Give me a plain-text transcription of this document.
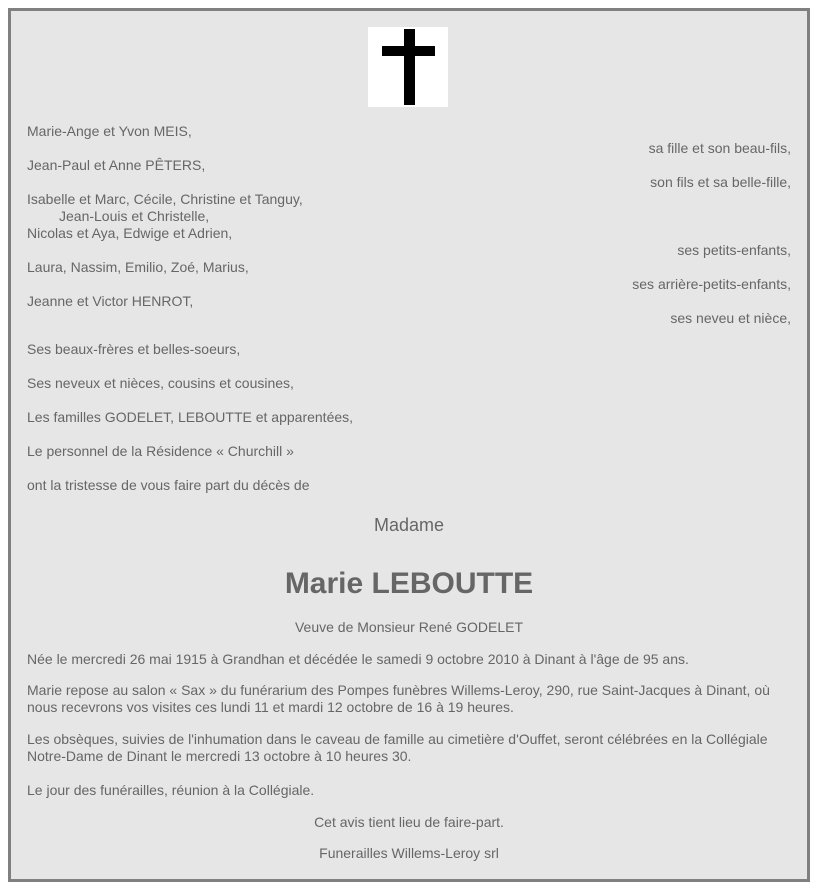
Marie-Ange et Yvon MEIS,
sa fille et son beau-fils,
Jean-Paul et Anne PÊTERS,
son fils et sa belle-fille,
Isabelle et Marc, Cécile, Christine et Tanguy,
Jean-Louis et Christelle,
Nicolas et Aya, Edwige et Adrien,
ses petits-enfants,
Laura, Nassim, Emilio, Zoé, Marius,
ses arrière-petits-enfants,
Jeanne et Victor HENROT,
ses neveu et nièce,
Ses beaux-frères et belles-soeurs,
Ses neveux et nièces, cousins et cousines,
Les familles GODELET, LEBOUTTE et apparentées,
Le personnel de la Résidence « Churchill »
ont la tristesse de vous faire part du décès de
Madame
Marie LEBOUTTE
Veuve de Monsieur René GODELET
Née le mercredi 26 mai 1915 à Grandhan et décédée le samedi 9 octobre 2010 à Dinant à l'âge de 95 ans.
Marie repose au salon « Sax » du funérarium des Pompes funèbres Willems-Leroy, 290, rue Saint-Jacques à Dinant, où nous recevrons vos visites ces lundi 11 et mardi 12 octobre de 16 à 19 heures.
Les obsèques, suivies de l'inhumation dans le caveau de famille au cimetière d'Ouffet, seront célébrées en la Collégiale Notre-Dame de Dinant le mercredi 13 octobre à 10 heures 30.
Le jour des funérailles, réunion à la Collégiale.
Cet avis tient lieu de faire-part.
Funerailles Willems-Leroy srl
